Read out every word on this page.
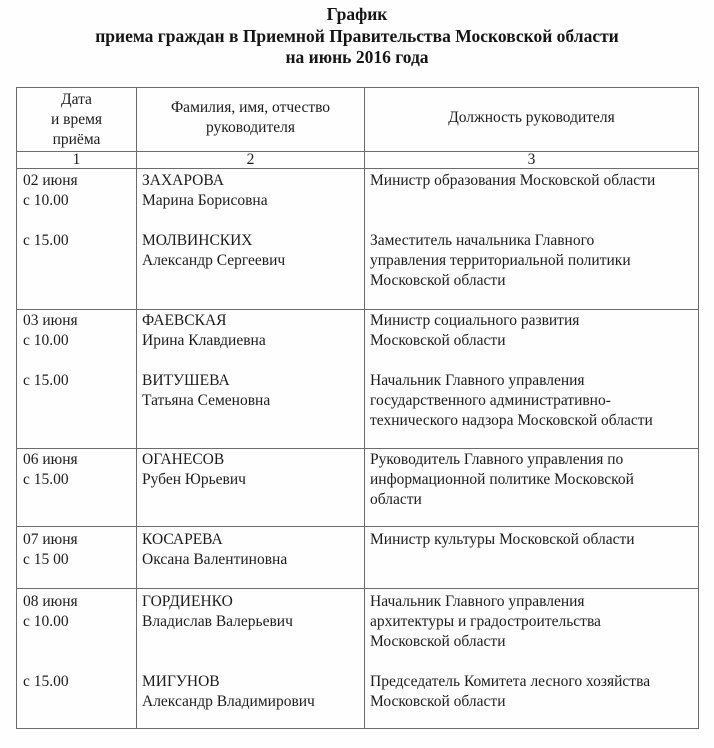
График
приема граждан в Приемной Правительства Московской области
на июнь 2016 года
Дата
и время
приёма
Фамилия, имя, отчество
руководителя
Должность руководителя
1	2	3
02 июня
с 10.00
с 15.00
ЗАХАРОВА
Марина Борисовна
МОЛВИНСКИХ
Александр Сергеевич
Министр образования Московской области
Заместитель начальника Главного
управления территориальной политики
Московской области
03 июня
с 10.00
с 15.00
ФАЕВСКАЯ
Ирина Клавдиевна
ВИТУШЕВА
Татьяна Семеновна
Министр социального развития
Московской области
Начальник Главного управления
государственного административно-
технического надзора Московской области
06 июня
с 15.00
ОГАНЕСОВ
Рубен Юрьевич
Руководитель Главного управления по
информационной политике Московской
области
07 июня
с 15 00
КОСАРЕВА
Оксана Валентиновна
Министр культуры Московской области
08 июня
с 10.00
с 15.00
ГОРДИЕНКО
Владислав Валерьевич
МИГУНОВ
Александр Владимирович
Начальник Главного управления
архитектуры и градостроительства
Московской области
Председатель Комитета лесного хозяйства
Московской области
